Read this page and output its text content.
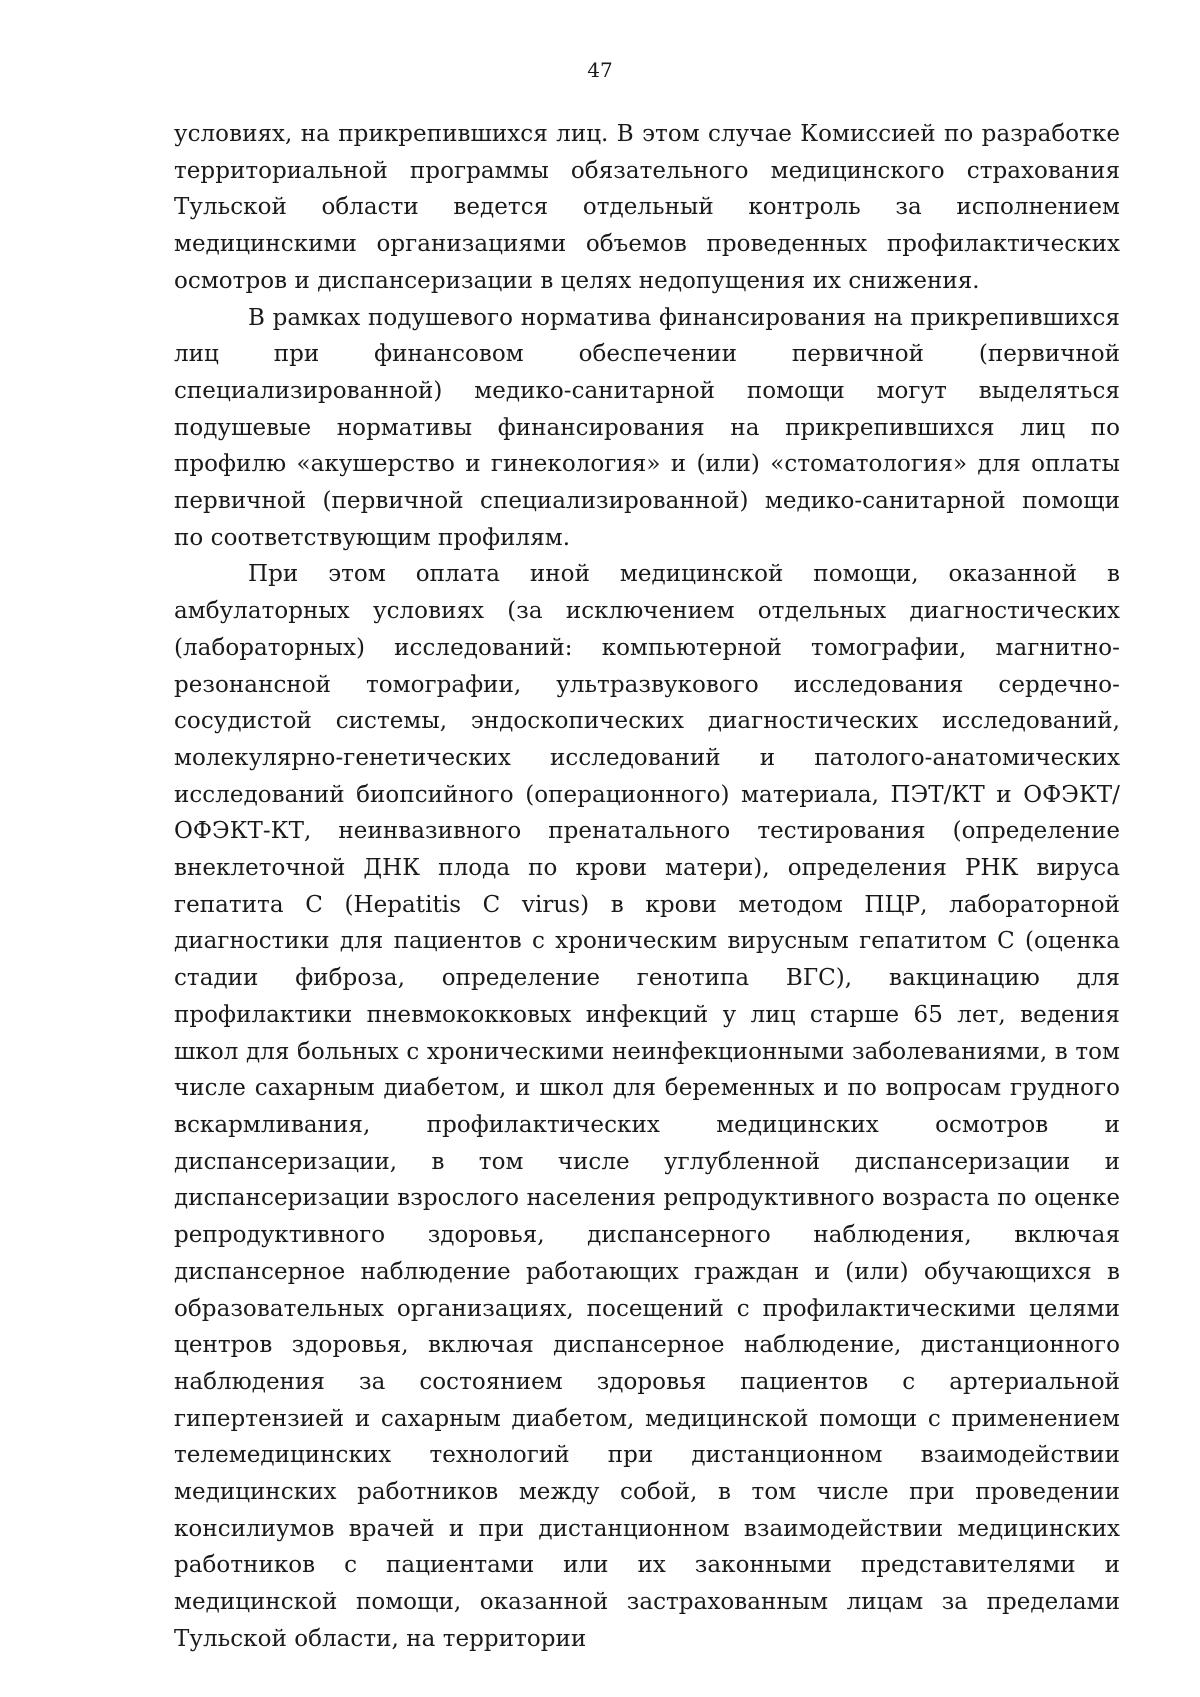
47

условиях, на прикрепившихся лиц. В этом случае Комиссией по разработке территориальной программы обязательного медицинского страхования Тульской области ведется отдельный контроль за исполнением медицинскими организациями объемов проведенных профилактических осмотров и диспансеризации в целях недопущения их снижения.

В рамках подушевого норматива финансирования на прикрепившихся лиц при финансовом обеспечении первичной (первичной специализированной) медико-санитарной помощи могут выделяться подушевые нормативы финансирования на прикрепившихся лиц по профилю «акушерство и гинекология» и (или) «стоматология» для оплаты первичной (первичной специализированной) медико-санитарной помощи по соответствующим профилям.

При этом оплата иной медицинской помощи, оказанной в амбулаторных условиях (за исключением отдельных диагностических (лабораторных) исследований: компьютерной томографии, магнитно-резонансной томографии, ультразвукового исследования сердечно-сосудистой системы, эндоскопических диагностических исследований, молекулярно-генетических исследований и патолого-анатомических исследований биопсийного (операционного) материала, ПЭТ/КТ и ОФЭКТ/ОФЭКТ-КТ, неинвазивного пренатального тестирования (определение внеклеточной ДНК плода по крови матери), определения РНК вируса гепатита С (Hepatitis C virus) в крови методом ПЦР, лабораторной диагностики для пациентов с хроническим вирусным гепатитом С (оценка стадии фиброза, определение генотипа ВГС), вакцинацию для профилактики пневмококковых инфекций у лиц старше 65 лет, ведения школ для больных с хроническими неинфекционными заболеваниями, в том числе сахарным диабетом, и школ для беременных и по вопросам грудного вскармливания, профилактических медицинских осмотров и диспансеризации, в том числе углубленной диспансеризации и диспансеризации взрослого населения репродуктивного возраста по оценке репродуктивного здоровья, диспансерного наблюдения, включая диспансерное наблюдение работающих граждан и (или) обучающихся в образовательных организациях, посещений с профилактическими целями центров здоровья, включая диспансерное наблюдение, дистанционного наблюдения за состоянием здоровья пациентов с артериальной гипертензией и сахарным диабетом, медицинской помощи с применением телемедицинских технологий при дистанционном взаимодействии медицинских работников между собой, в том числе при проведении консилиумов врачей и при дистанционном взаимодействии медицинских работников с пациентами или их законными представителями и медицинской помощи, оказанной застрахованным лицам за пределами Тульской области, на территории
